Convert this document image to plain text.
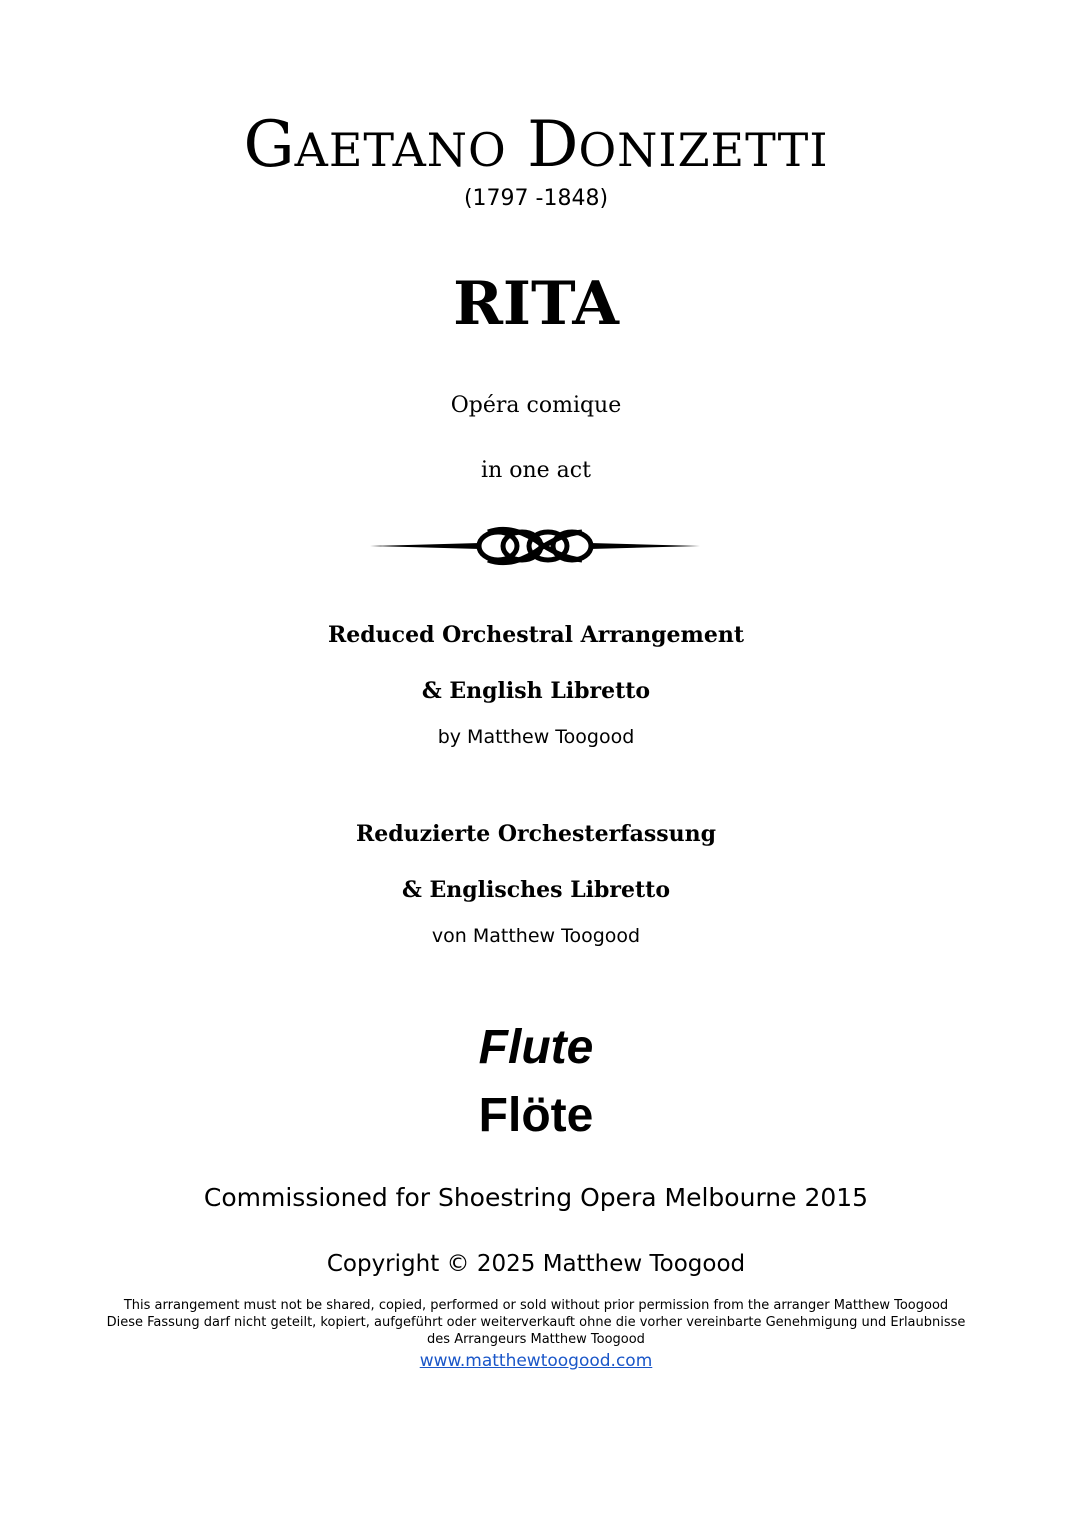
GAETANO DONIZETTI

(1797 -1848)

RITA

Opéra comique

in one act

Reduced Orchestral Arrangement

& English Libretto

by Matthew Toogood

Reduzierte Orchesterfassung

& Englisches Libretto

von Matthew Toogood

Flute

Flöte

Commissioned for Shoestring Opera Melbourne 2015

Copyright © 2025 Matthew Toogood

This arrangement must not be shared, copied, performed or sold without prior permission from the arranger Matthew Toogood

Diese Fassung darf nicht geteilt, kopiert, aufgeführt oder weiterverkauft ohne die vorher vereinbarte Genehmigung und Erlaubnisse

des Arrangeurs Matthew Toogood

www.matthewtoogood.com
